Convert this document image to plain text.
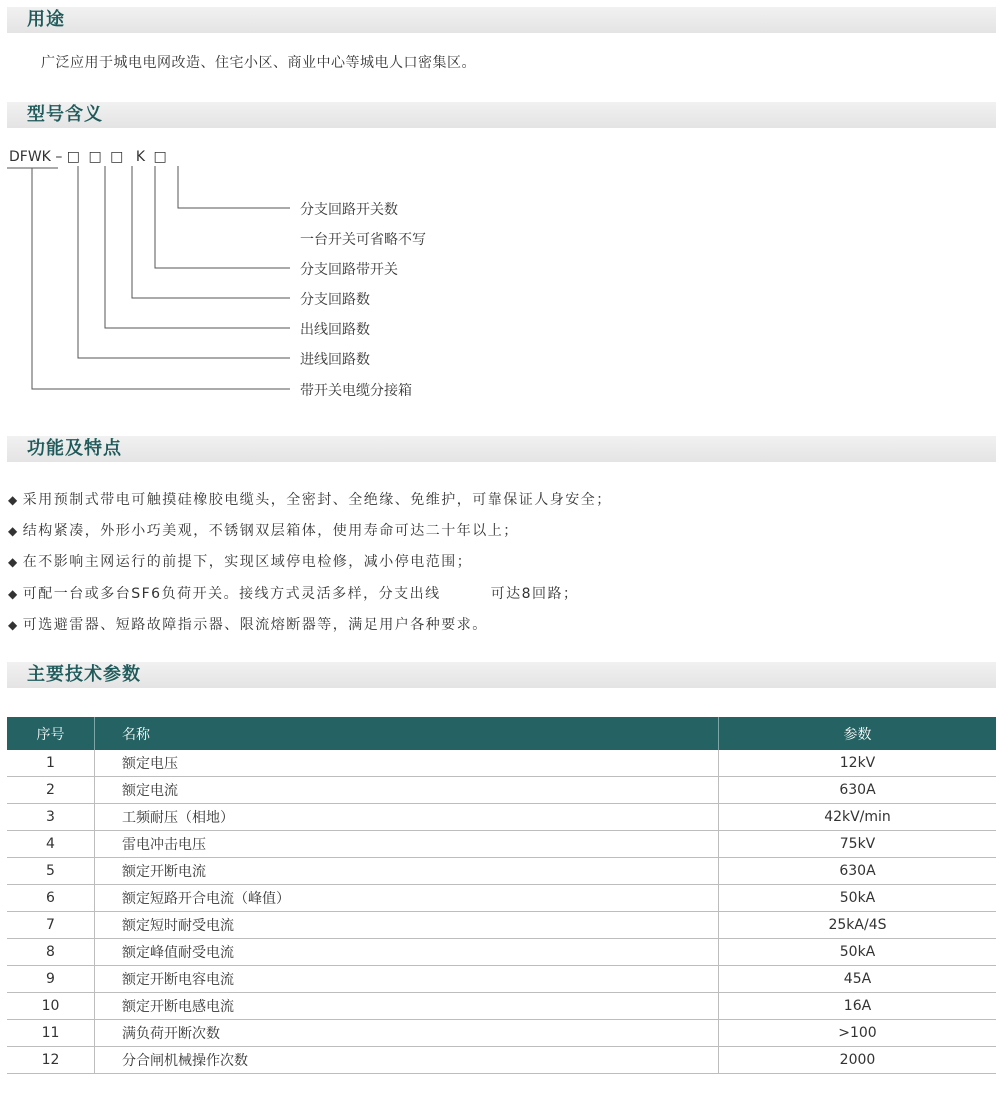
用途
广泛应用于城电电网改造、住宅小区、商业中心等城电人口密集区。
型号含义
DFWK – □ □ □ K □
分支回路开关数
一台开关可省略不写
分支回路带开关
分支回路数
出线回路数
进线回路数
带开关电缆分接箱
功能及特点
◆ 采用预制式带电可触摸硅橡胶电缆头，全密封、全绝缘、免维护，可靠保证人身安全；
◆ 结构紧凑，外形小巧美观，不锈钢双层箱体，使用寿命可达二十年以上；
◆ 在不影响主网运行的前提下，实现区域停电检修，减小停电范围；
◆ 可配一台或多台SF6负荷开关。接线方式灵活多样，分支出线	可达8回路；
◆ 可选避雷器、短路故障指示器、限流熔断器等，满足用户各种要求。
主要技术参数
序号	名称	参数
1	额定电压	12kV
2	额定电流	630A
3	工频耐压（相地）	42kV/min
4	雷电冲击电压	75kV
5	额定开断电流	630A
6	额定短路开合电流（峰值）	50kA
7	额定短时耐受电流	25kA/4S
8	额定峰值耐受电流	50kA
9	额定开断电容电流	45A
10	额定开断电感电流	16A
11	满负荷开断次数	>100
12	分合闸机械操作次数	2000
